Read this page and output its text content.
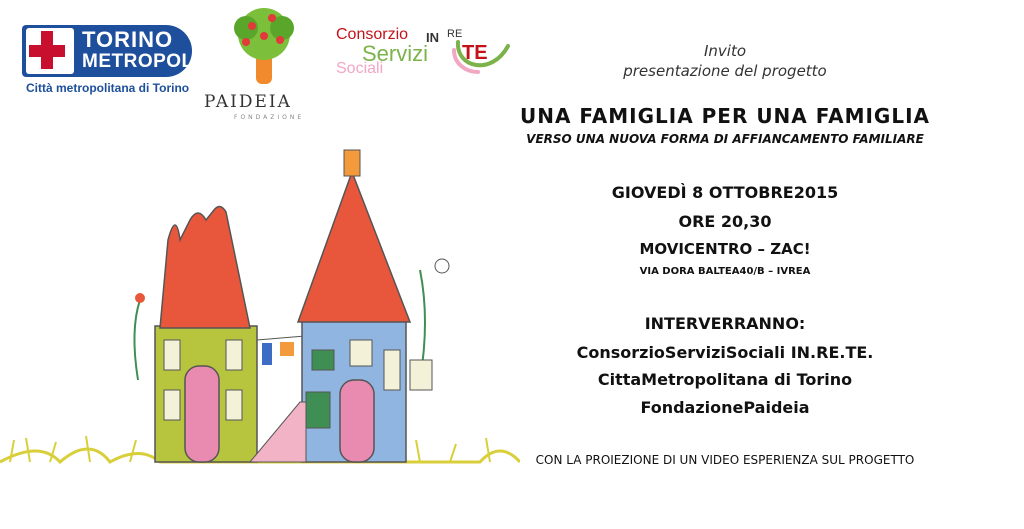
TORINO
METROPOLI
Città metropolitana di Torino
PAIDEIA
FONDAZIONE
Consorzio
Servizi
Sociali
IN RE
TE	Invito
presentazione del progetto
UNA FAMIGLIA PER UNA FAMIGLIA
VERSO UNA NUOVA FORMA DI AFFIANCAMENTO FAMILIARE
GIOVEDÌ 8 OTTOBRE2015
ORE 20,30
MOVICENTRO – ZAC!
VIA DORA BALTEA40/B – IVREA
INTERVERRANNO:
ConsorzioServiziSociali IN.RE.TE.
CittaMetropolitana di Torino
FondazionePaideia
CON LA PROIEZIONE DI UN VIDEO ESPERIENZA SUL PROGETTO
